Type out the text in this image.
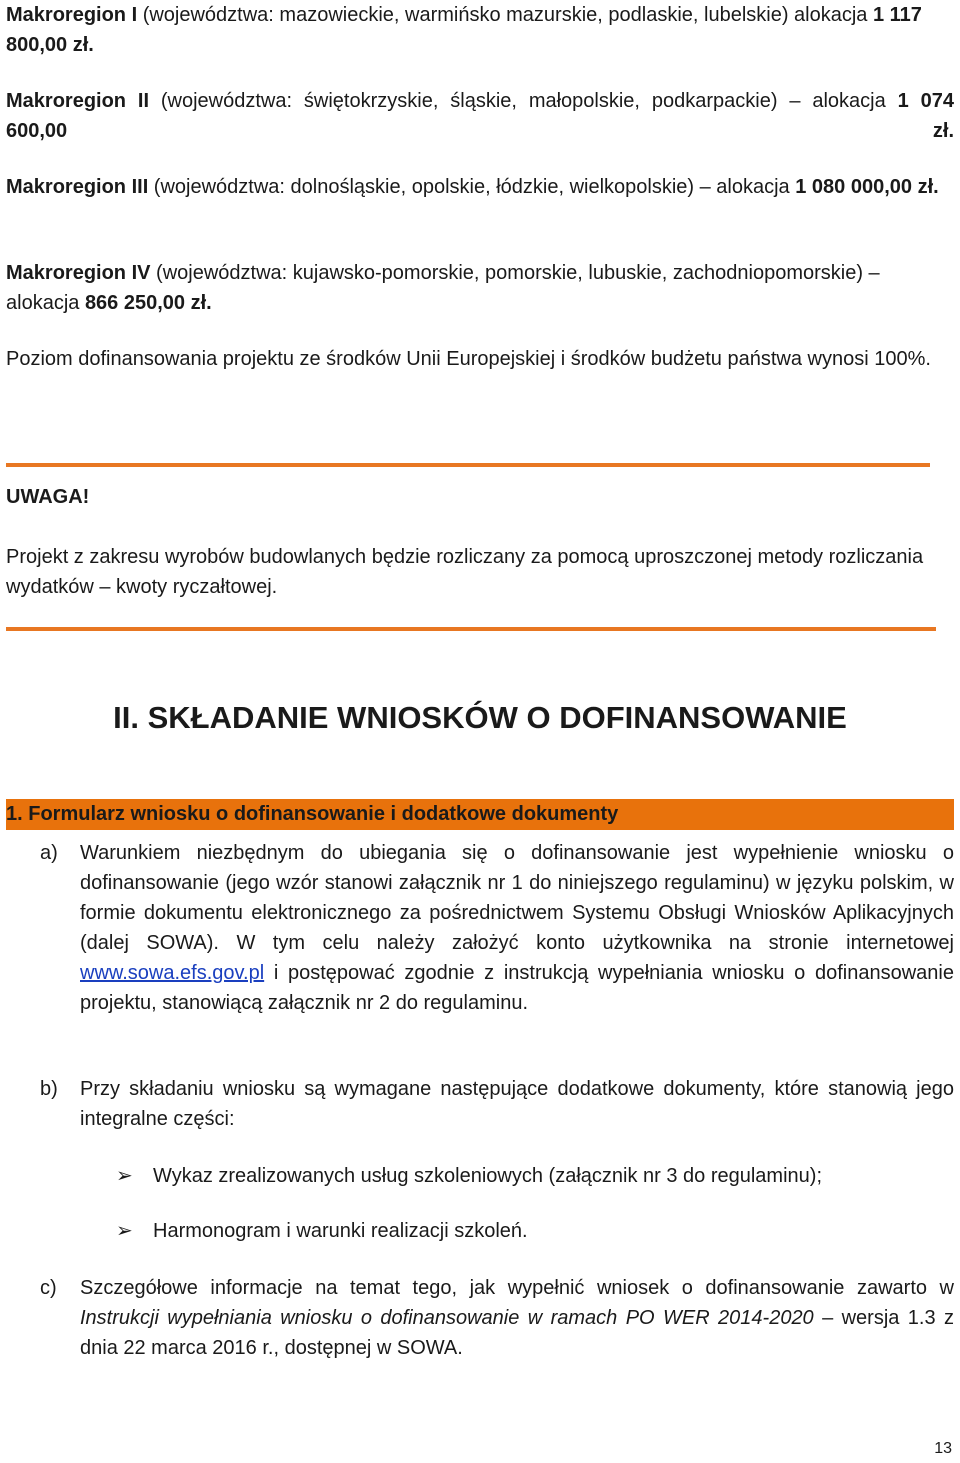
Makroregion I (województwa: mazowieckie, warmińsko mazurskie, podlaskie, lubelskie) alokacja 1 117 800,00 zł.

Makroregion II (województwa: świętokrzyskie, śląskie, małopolskie, podkarpackie) – alokacja 1 074 600,00 zł.

Makroregion III (województwa: dolnośląskie, opolskie, łódzkie, wielkopolskie) – alokacja 1 080 000,00 zł.

Makroregion IV (województwa: kujawsko-pomorskie, pomorskie, lubuskie, zachodniopomorskie) – alokacja 866 250,00 zł.

Poziom dofinansowania projektu ze środków Unii Europejskiej i środków budżetu państwa wynosi 100%.

UWAGA!

Projekt z zakresu wyrobów budowlanych będzie rozliczany za pomocą uproszczonej metody rozliczania wydatków – kwoty ryczałtowej.

II. SKŁADANIE WNIOSKÓW O DOFINANSOWANIE
1. Formularz wniosku o dofinansowanie i dodatkowe dokumenty
a) Warunkiem niezbędnym do ubiegania się o dofinansowanie jest wypełnienie wniosku o dofinansowanie (jego wzór stanowi załącznik nr 1 do niniejszego regulaminu) w języku polskim, w formie dokumentu elektronicznego za pośrednictwem Systemu Obsługi Wniosków Aplikacyjnych (dalej SOWA). W tym celu należy założyć konto użytkownika na stronie internetowej www.sowa.efs.gov.pl i postępować zgodnie z instrukcją wypełniania wniosku o dofinansowanie projektu, stanowiącą załącznik nr 2 do regulaminu.

b) Przy składaniu wniosku są wymagane następujące dodatkowe dokumenty, które stanowią jego integralne części:

➢ Wykaz zrealizowanych usług szkoleniowych (załącznik nr 3 do regulaminu);
➢ Harmonogram i warunki realizacji szkoleń.
c) Szczegółowe informacje na temat tego, jak wypełnić wniosek o dofinansowanie zawarto w Instrukcji wypełniania wniosku o dofinansowanie w ramach PO WER 2014-2020 – wersja 1.3 z dnia 22 marca 2016 r., dostępnej w SOWA.

13
